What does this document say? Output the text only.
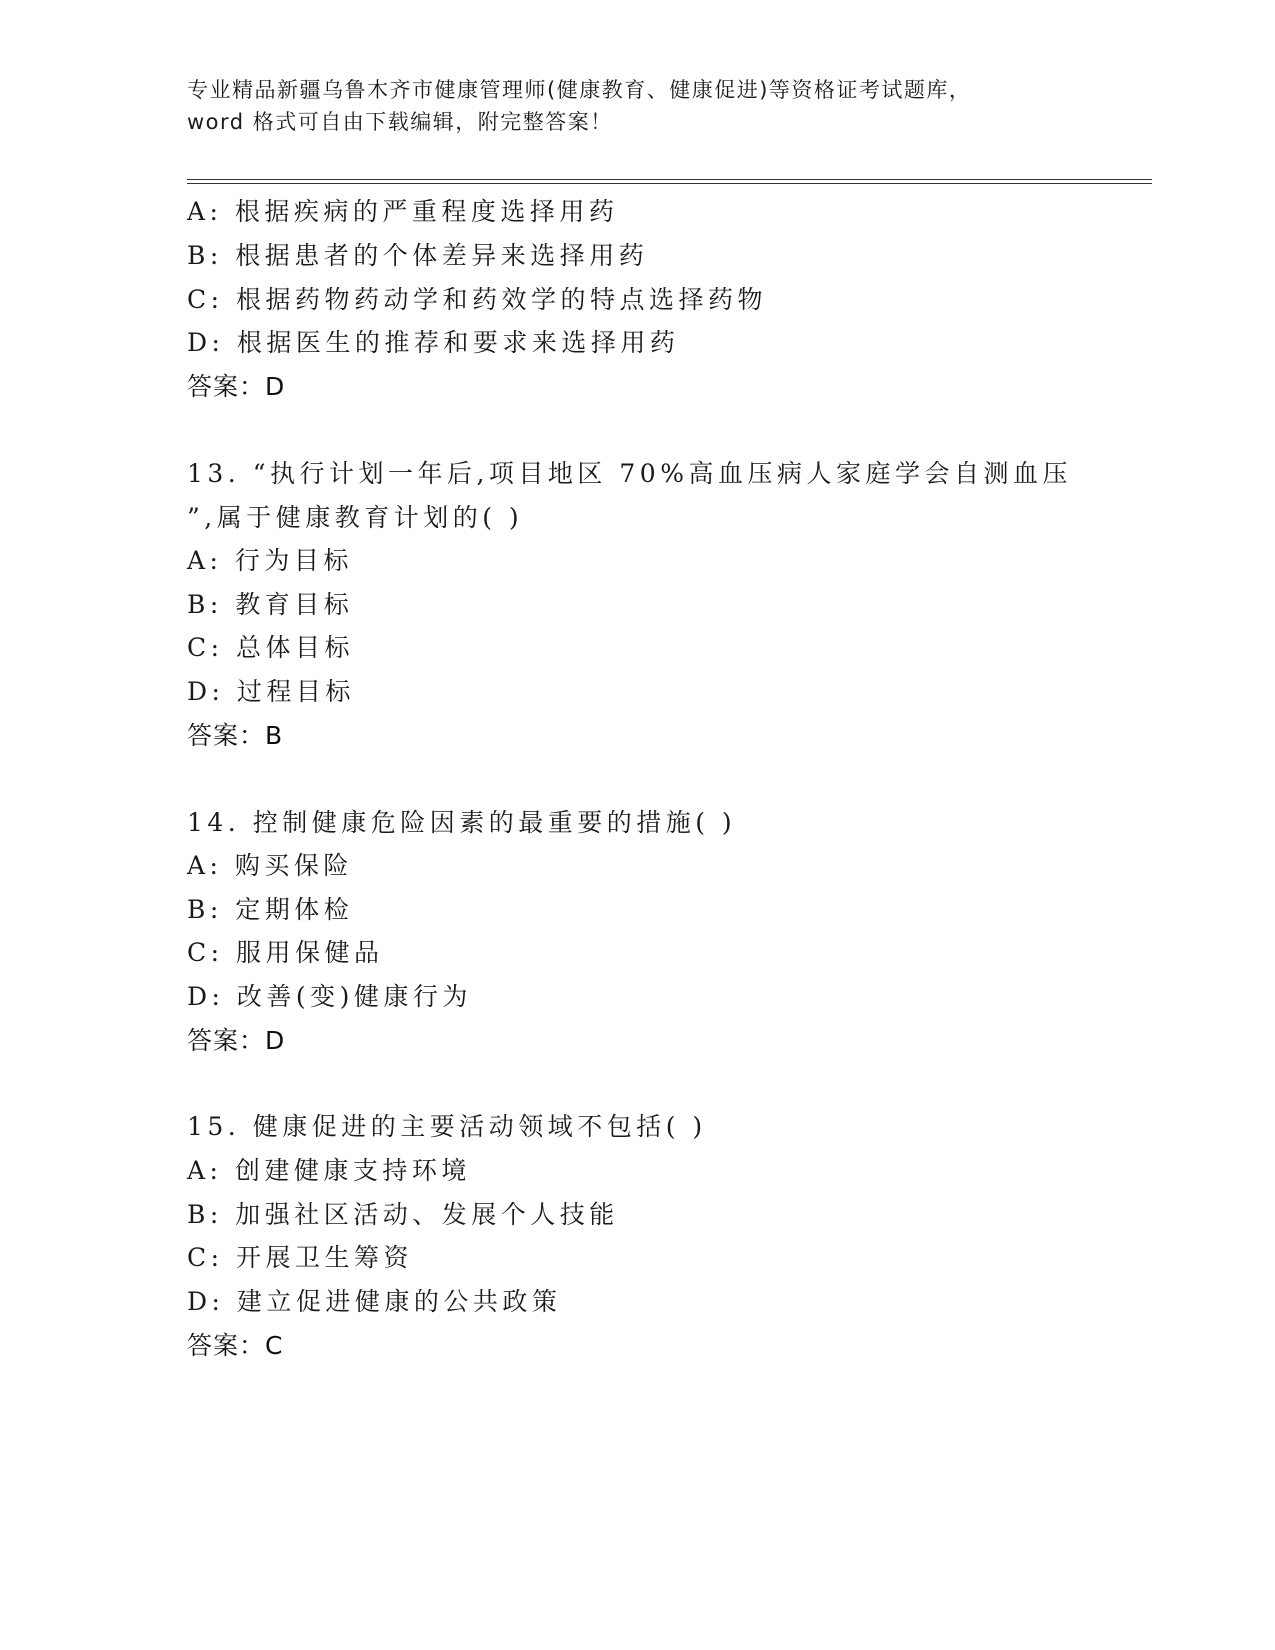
专业精品新疆乌鲁木齐市健康管理师(健康教育、健康促进)等资格证考试题库，
word 格式可自由下载编辑，附完整答案！
A: 根据疾病的严重程度选择用药
B: 根据患者的个体差异来选择用药
C: 根据药物药动学和药效学的特点选择药物
D: 根据医生的推荐和要求来选择用药
答案：D
13. “执行计划一年后,项目地区 70%高血压病人家庭学会自测血压
”,属于健康教育计划的( )
A: 行为目标
B: 教育目标
C: 总体目标
D: 过程目标
答案：B
14. 控制健康危险因素的最重要的措施( )
A: 购买保险
B: 定期体检
C: 服用保健品
D: 改善(变)健康行为
答案：D
15. 健康促进的主要活动领域不包括( )
A: 创建健康支持环境
B: 加强社区活动、发展个人技能
C: 开展卫生筹资
D: 建立促进健康的公共政策
答案：C
